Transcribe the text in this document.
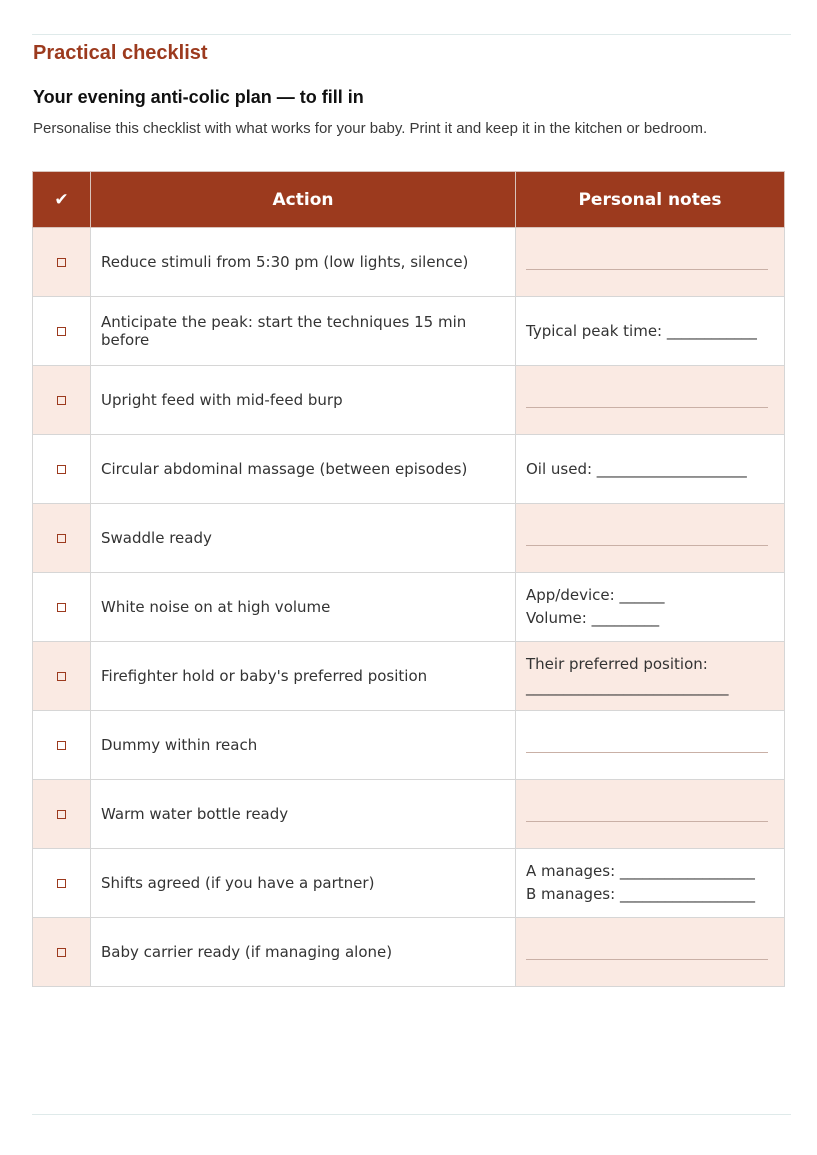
Practical checklist
Your evening anti-colic plan — to fill in
Personalise this checklist with what works for your baby. Print it and keep it in the kitchen or bedroom.
✔	Action	Personal notes
	Reduce stimuli from 5:30 pm (low lights, silence)	

	Anticipate the peak: start the techniques 15 min before	Typical peak time: ____________

	Upright feed with mid-feed burp	

	Circular abdominal massage (between episodes)	Oil used: ____________________

	Swaddle ready	

	White noise on at high volume	App/device: ______
Volume: _________

	Firefighter hold or baby's preferred position	Their preferred position:
___________________________

	Dummy within reach	

	Warm water bottle ready	

	Shifts agreed (if you have a partner)	A manages: __________________
B manages: __________________

	Baby carrier ready (if managing alone)	
